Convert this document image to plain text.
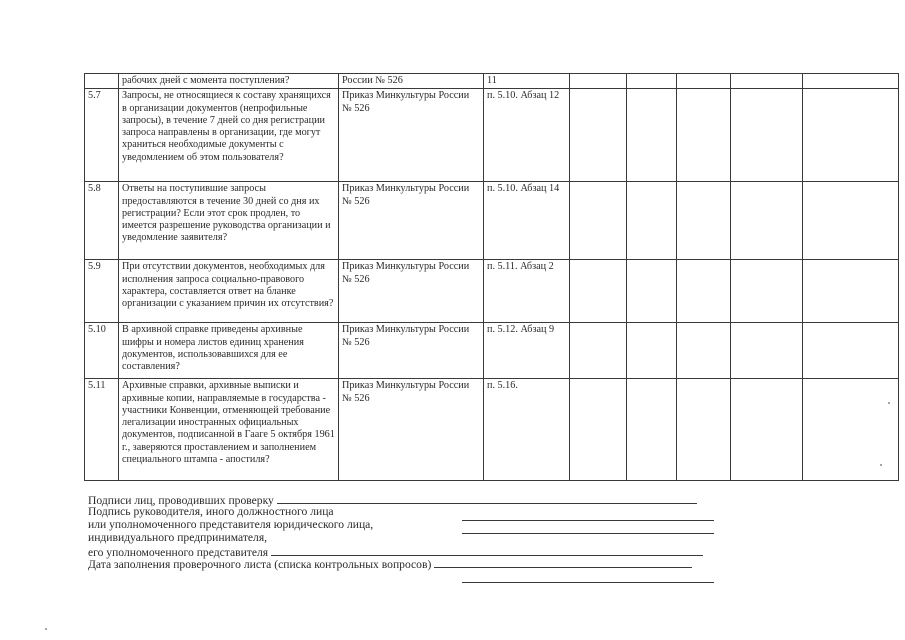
	рабочих дней с момента поступления?	России № 526	11					
5.7	Запросы, не относящиеся к составу хранящихся в организации документов (непрофильные запросы), в течение 7 дней со дня регистрации запроса направлены в организации, где могут храниться необходимые документы с уведомлением об этом пользователя?	Приказ Минкультуры России № 526	п. 5.10. Абзац 12					
5.8	Ответы на поступившие запросы предоставляются в течение 30 дней со дня их регистрации? Если этот срок продлен, то имеется разрешение руководства организации и уведомление заявителя?	Приказ Минкультуры России № 526	п. 5.10. Абзац 14					
5.9	При отсутствии документов, необходимых для исполнения запроса социально-правового характера, составляется ответ на бланке организации с указанием причин их отсутствия?	Приказ Минкультуры России № 526	п. 5.11. Абзац 2					
5.10	В архивной справке приведены архивные шифры и номера листов единиц хранения документов, использовавшихся для ее составления?	Приказ Минкультуры России № 526	п. 5.12. Абзац 9					
5.11	Архивные справки, архивные выписки и архивные копии, направляемые в государства - участники Конвенции, отменяющей требование легализации иностранных официальных документов, подписанной в Гааге 5 октября 1961 г., заверяются проставлением и заполнением специального штампа - апостиля?	Приказ Минкультуры России № 526	п. 5.16.					
Подписи лиц, проводивших проверку
Подпись руководителя, иного должностного лица
или уполномоченного представителя юридического лица,
индивидуального предпринимателя,
его уполномоченного представителя
Дата заполнения проверочного листа (списка контрольных вопросов)
